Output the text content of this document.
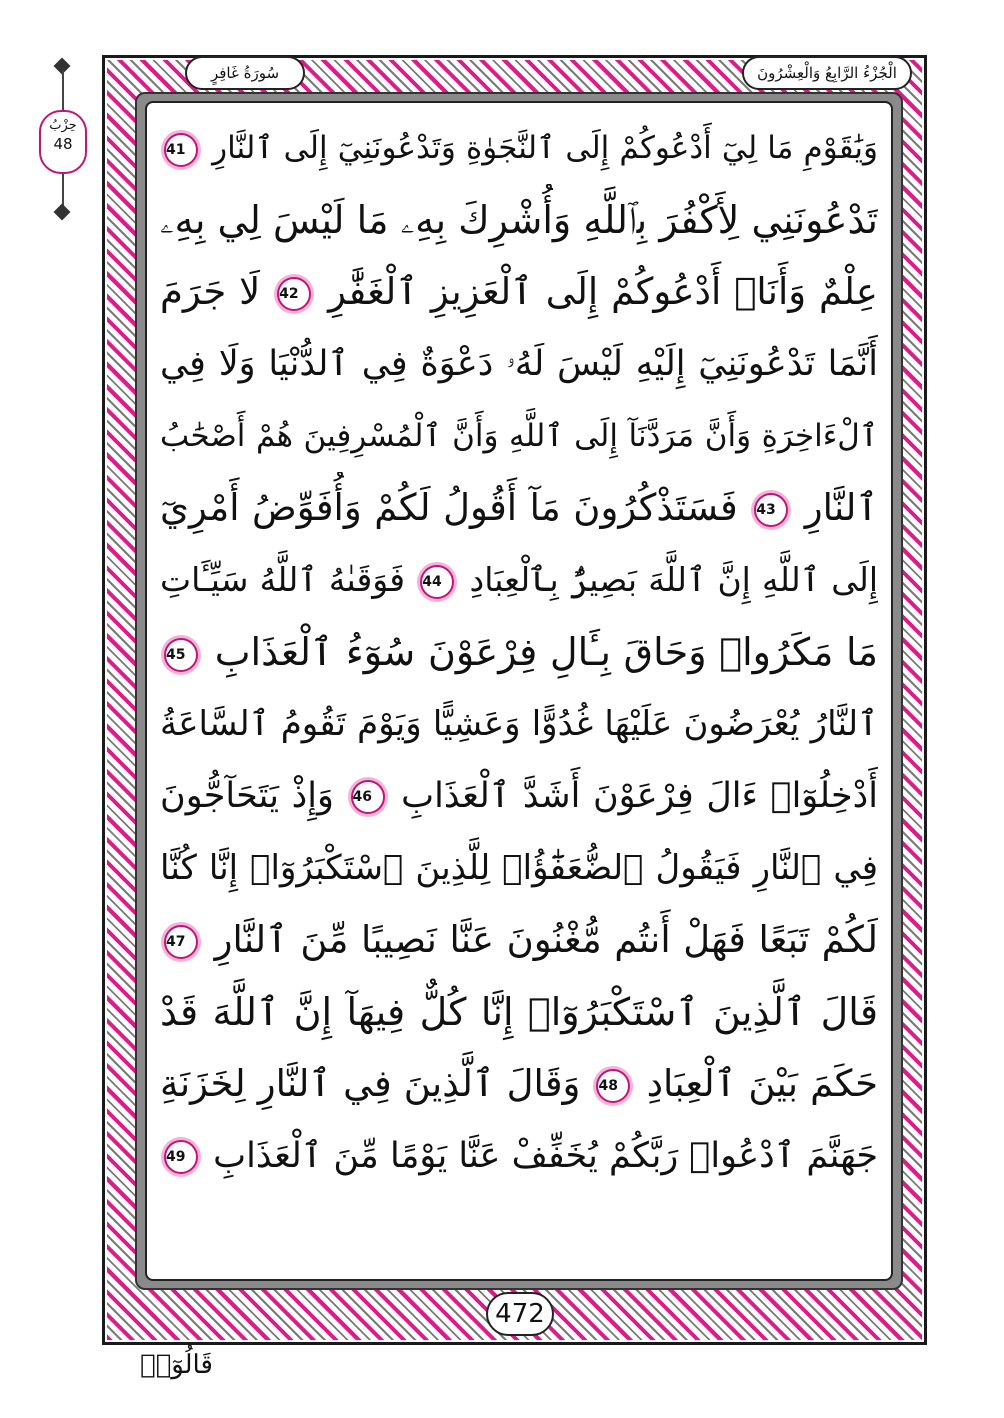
الْجُزْءُ الرَّابِعُ وَالْعِشْرُونَ
سُورَةُ غَافِرٍ
حِزْبُ
48	وَيَٰقَوْمِ مَا لِيٓ أَدْعُوكُمْ إِلَى ٱلنَّجَوٰةِ وَتَدْعُونَنِيٓ إِلَى ٱلنَّارِ 41
تَدْعُونَنِي لِأَكْفُرَ بِٱللَّهِ وَأُشْرِكَ بِهِۦ مَا لَيْسَ لِي بِهِۦ
عِلْمٌ وَأَنَا۠ أَدْعُوكُمْ إِلَى ٱلْعَزِيزِ ٱلْغَفَّٰرِ 42 لَا جَرَمَ
أَنَّمَا تَدْعُونَنِيٓ إِلَيْهِ لَيْسَ لَهُۥ دَعْوَةٌ فِي ٱلدُّنْيَا وَلَا فِي
ٱلْءَاخِرَةِ وَأَنَّ مَرَدَّنَآ إِلَى ٱللَّهِ وَأَنَّ ٱلْمُسْرِفِينَ هُمْ أَصْحَٰبُ
ٱلنَّارِ 43 فَسَتَذْكُرُونَ مَآ أَقُولُ لَكُمْ وَأُفَوِّضُ أَمْرِيٓ
إِلَى ٱللَّهِ إِنَّ ٱللَّهَ بَصِيرٌۢ بِٱلْعِبَادِ 44 فَوَقَىٰهُ ٱللَّهُ سَيِّـَٔاتِ
مَا مَكَرُوا۟ وَحَاقَ بِـَٔالِ فِرْعَوْنَ سُوٓءُ ٱلْعَذَابِ 45
ٱلنَّارُ يُعْرَضُونَ عَلَيْهَا غُدُوًّا وَعَشِيًّا وَيَوْمَ تَقُومُ ٱلسَّاعَةُ
أَدْخِلُوٓا۟ ءَالَ فِرْعَوْنَ أَشَدَّ ٱلْعَذَابِ 46 وَإِذْ يَتَحَآجُّونَ
فِي ٱلنَّارِ فَيَقُولُ ٱلضُّعَفَٰٓؤُا۟ لِلَّذِينَ ٱسْتَكْبَرُوٓا۟ إِنَّا كُنَّا
لَكُمْ تَبَعًا فَهَلْ أَنتُم مُّغْنُونَ عَنَّا نَصِيبًا مِّنَ ٱلنَّارِ 47
قَالَ ٱلَّذِينَ ٱسْتَكْبَرُوٓا۟ إِنَّا كُلٌّ فِيهَآ إِنَّ ٱللَّهَ قَدْ
حَكَمَ بَيْنَ ٱلْعِبَادِ 48 وَقَالَ ٱلَّذِينَ فِي ٱلنَّارِ لِخَزَنَةِ
جَهَنَّمَ ٱدْعُوا۟ رَبَّكُمْ يُخَفِّفْ عَنَّا يَوْمًا مِّنَ ٱلْعَذَابِ 49
472
قَالُوٓا۟
